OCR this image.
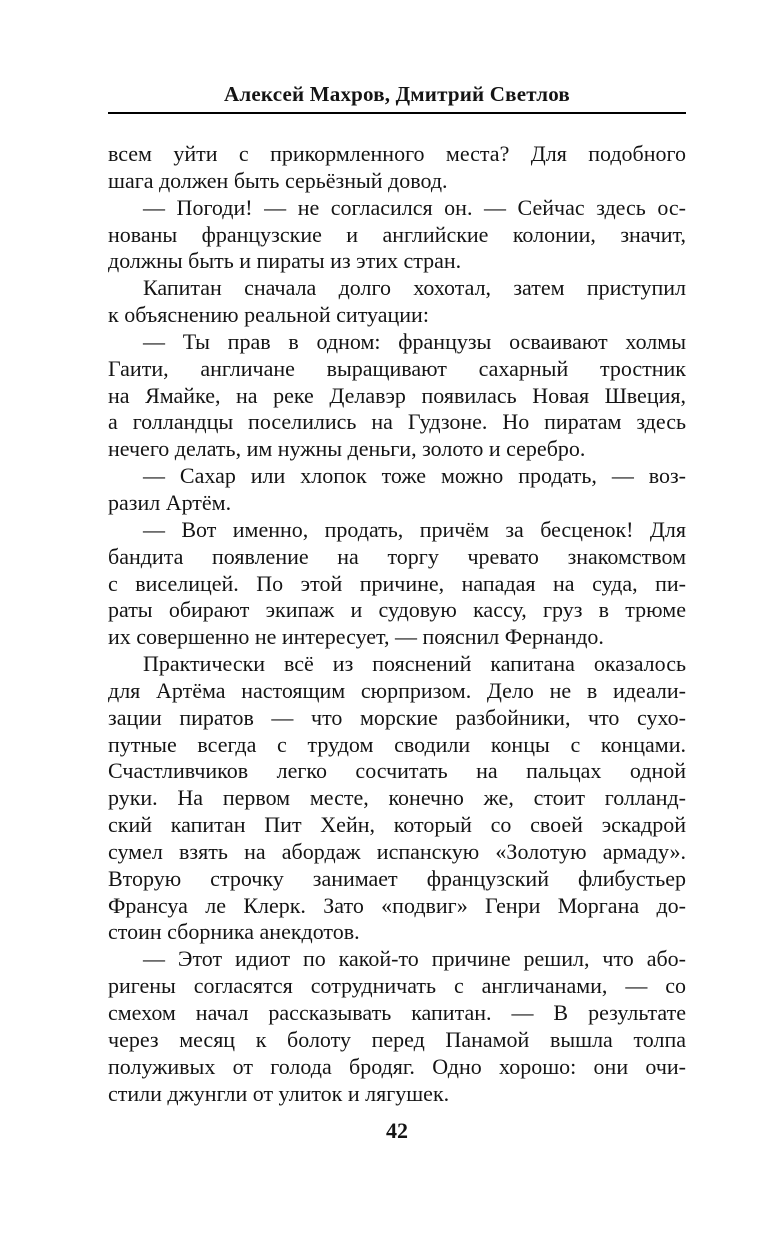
Алексей Махров, Дмитрий Светлов
всем уйти с прикормленного места? Для подобного
шага должен быть серьёзный довод.
— Погоди! — не согласился он. — Сейчас здесь ос-
нованы французские и английские колонии, значит,
должны быть и пираты из этих стран.
Капитан сначала долго хохотал, затем приступил
к объяснению реальной ситуации:
— Ты прав в одном: французы осваивают холмы
Гаити, англичане выращивают сахарный тростник
на Ямайке, на реке Делавэр появилась Новая Швеция,
а голландцы поселились на Гудзоне. Но пиратам здесь
нечего делать, им нужны деньги, золото и серебро.
— Сахар или хлопок тоже можно продать, — воз-
разил Артём.
— Вот именно, продать, причём за бесценок! Для
бандита появление на торгу чревато знакомством
с виселицей. По этой причине, нападая на суда, пи-
раты обирают экипаж и судовую кассу, груз в трюме
их совершенно не интересует, — пояснил Фернандо.
Практически всё из пояснений капитана оказалось
для Артёма настоящим сюрпризом. Дело не в идеали-
зации пиратов — что морские разбойники, что сухо-
путные всегда с трудом сводили концы с концами.
Счастливчиков легко сосчитать на пальцах одной
руки. На первом месте, конечно же, стоит голланд-
ский капитан Пит Хейн, который со своей эскадрой
сумел взять на абордаж испанскую «Золотую армаду».
Вторую строчку занимает французский флибустьер
Франсуа ле Клерк. Зато «подвиг» Генри Моргана до-
стоин сборника анекдотов.
— Этот идиот по какой-то причине решил, что або-
ригены согласятся сотрудничать с англичанами, — со
смехом начал рассказывать капитан. — В результате
через месяц к болоту перед Панамой вышла толпа
полуживых от голода бродяг. Одно хорошо: они очи-
стили джунгли от улиток и лягушек.
42
